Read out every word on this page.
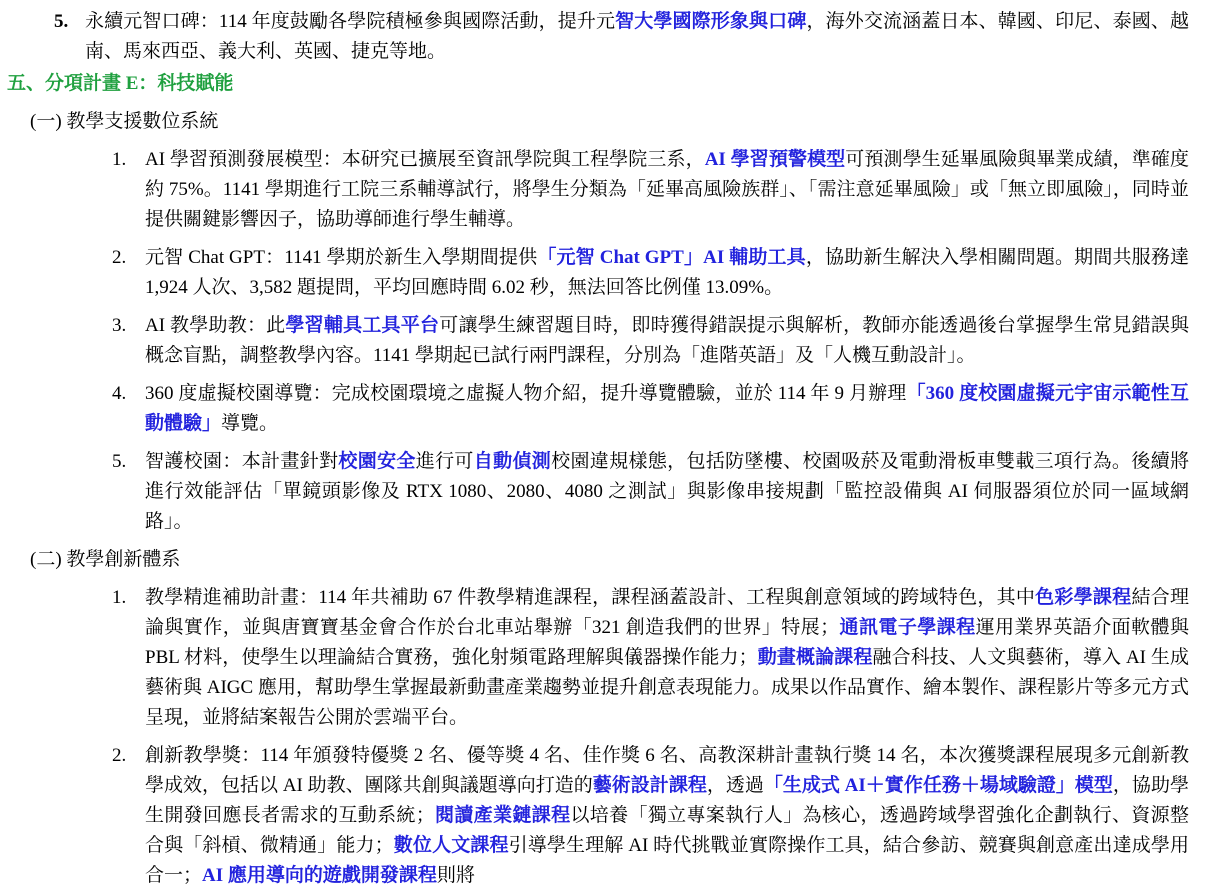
5. 永續元智口碑：114 年度鼓勵各學院積極參與國際活動，提升元智大學國際形象與口碑，海外交流涵蓋日本、韓國、印尼、泰國、越南、馬來西亞、義大利、英國、捷克等地。
五、分項計畫 E：科技賦能
(一) 教學支援數位系統
1. AI 學習預測發展模型：本研究已擴展至資訊學院與工程學院三系，AI 學習預警模型可預測學生延畢風險與畢業成績，準確度約 75%。1141 學期進行工院三系輔導試行，將學生分類為「延畢高風險族群」、「需注意延畢風險」或「無立即風險」，同時並提供關鍵影響因子，協助導師進行學生輔導。
2. 元智 Chat GPT：1141 學期於新生入學期間提供「元智 Chat GPT」AI 輔助工具，協助新生解決入學相關問題。期間共服務達 1,924 人次、3,582 題提問，平均回應時間 6.02 秒，無法回答比例僅 13.09%。
3. AI 教學助教：此學習輔具工具平台可讓學生練習題目時，即時獲得錯誤提示與解析，教師亦能透過後台掌握學生常見錯誤與概念盲點，調整教學內容。1141 學期起已試行兩門課程，分別為「進階英語」及「人機互動設計」。
4. 360 度虛擬校園導覽：完成校園環境之虛擬人物介紹，提升導覽體驗，並於 114 年 9 月辦理「360 度校園虛擬元宇宙示範性互動體驗」導覽。
5. 智護校園：本計畫針對校園安全進行可自動偵測校園違規樣態，包括防墜樓、校園吸菸及電動滑板車雙載三項行為。後續將進行效能評估「單鏡頭影像及 RTX 1080、2080、4080 之測試」與影像串接規劃「監控設備與 AI 伺服器須位於同一區域網路」。
(二) 教學創新體系
1. 教學精進補助計畫：114 年共補助 67 件教學精進課程，課程涵蓋設計、工程與創意領域的跨域特色，其中色彩學課程結合理論與實作，並與唐寶寶基金會合作於台北車站舉辦「321 創造我們的世界」特展；通訊電子學課程運用業界英語介面軟體與 PBL 材料，使學生以理論結合實務，強化射頻電路理解與儀器操作能力；動畫概論課程融合科技、人文與藝術，導入 AI 生成藝術與 AIGC 應用，幫助學生掌握最新動畫產業趨勢並提升創意表現能力。成果以作品實作、繪本製作、課程影片等多元方式呈現，並將結案報告公開於雲端平台。
2. 創新教學獎：114 年頒發特優獎 2 名、優等獎 4 名、佳作獎 6 名、高教深耕計畫執行獎 14 名，本次獲獎課程展現多元創新教學成效，包括以 AI 助教、團隊共創與議題導向打造的藝術設計課程，透過「生成式 AI＋實作任務＋場域驗證」模型，協助學生開發回應長者需求的互動系統；閱讀產業鏈課程以培養「獨立專案執行人」為核心，透過跨域學習強化企劃執行、資源整合與「斜槓、微精通」能力；數位人文課程引導學生理解 AI 時代挑戰並實際操作工具，結合參訪、競賽與創意產出達成學用合一；AI 應用導向的遊戲開發課程則將
